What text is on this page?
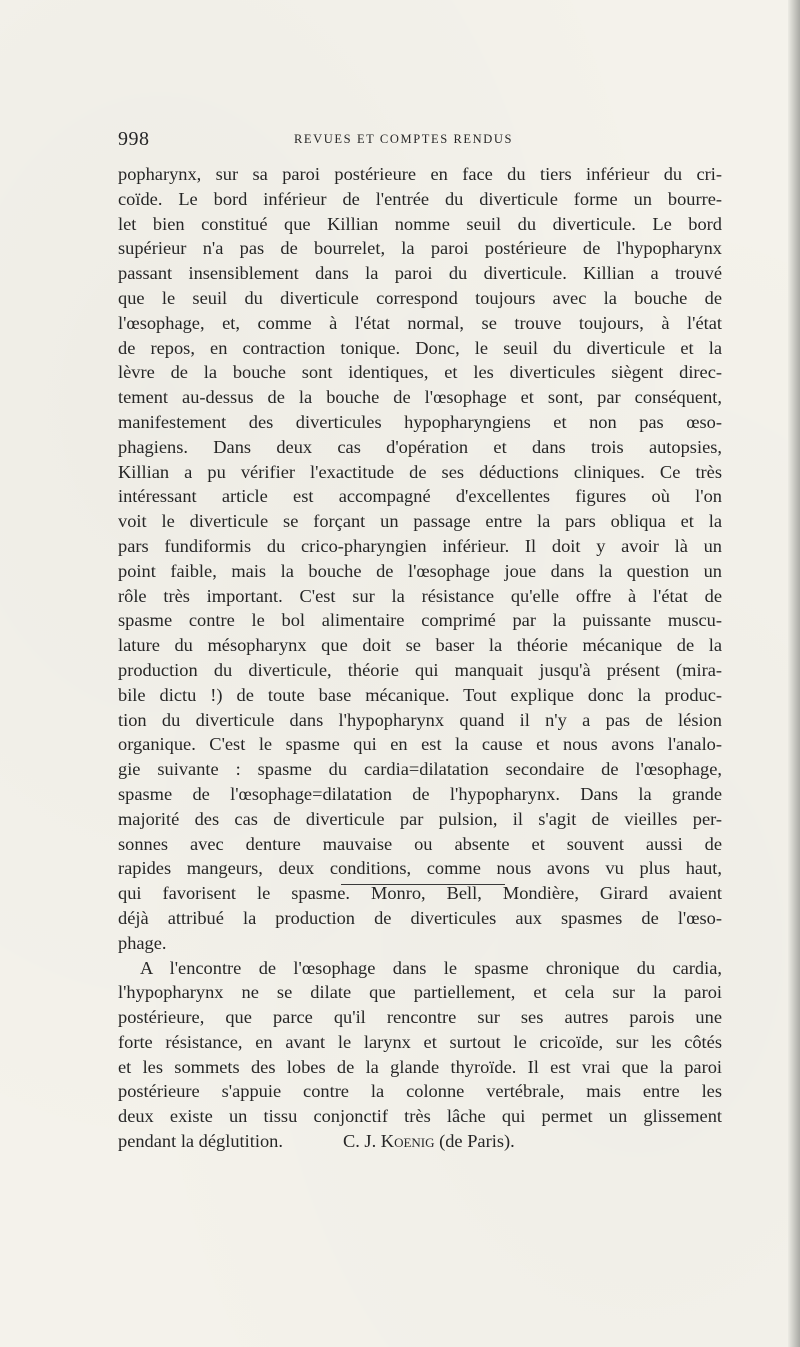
998	REVUES ET COMPTES RENDUS
popharynx, sur sa paroi postérieure en face du tiers inférieur du cri-
coïde. Le bord inférieur de l'entrée du diverticule forme un bourre-
let bien constitué que Killian nomme seuil du diverticule. Le bord
supérieur n'a pas de bourrelet, la paroi postérieure de l'hypopharynx
passant insensiblement dans la paroi du diverticule. Killian a trouvé
que le seuil du diverticule correspond toujours avec la bouche de
l'œsophage, et, comme à l'état normal, se trouve toujours, à l'état
de repos, en contraction tonique. Donc, le seuil du diverticule et la
lèvre de la bouche sont identiques, et les diverticules siègent direc-
tement au-dessus de la bouche de l'œsophage et sont, par conséquent,
manifestement des diverticules hypopharyngiens et non pas œso-
phagiens. Dans deux cas d'opération et dans trois autopsies,
Killian a pu vérifier l'exactitude de ses déductions cliniques. Ce très
intéressant article est accompagné d'excellentes figures où l'on
voit le diverticule se forçant un passage entre la pars obliqua et la
pars fundiformis du crico-pharyngien inférieur. Il doit y avoir là un
point faible, mais la bouche de l'œsophage joue dans la question un
rôle très important. C'est sur la résistance qu'elle offre à l'état de
spasme contre le bol alimentaire comprimé par la puissante muscu-
lature du mésopharynx que doit se baser la théorie mécanique de la
production du diverticule, théorie qui manquait jusqu'à présent (mira-
bile dictu !) de toute base mécanique. Tout explique donc la produc-
tion du diverticule dans l'hypopharynx quand il n'y a pas de lésion
organique. C'est le spasme qui en est la cause et nous avons l'analo-
gie suivante : spasme du cardia=dilatation secondaire de l'œsophage,
spasme de l'œsophage=dilatation de l'hypopharynx. Dans la grande
majorité des cas de diverticule par pulsion, il s'agit de vieilles per-
sonnes avec denture mauvaise ou absente et souvent aussi de
rapides mangeurs, deux conditions, comme nous avons vu plus haut,
qui favorisent le spasme. Monro, Bell, Mondière, Girard avaient
déjà attribué la production de diverticules aux spasmes de l'œso-
phage.
A l'encontre de l'œsophage dans le spasme chronique du cardia,
l'hypopharynx ne se dilate que partiellement, et cela sur la paroi
postérieure, que parce qu'il rencontre sur ses autres parois une
forte résistance, en avant le larynx et surtout le cricoïde, sur les côtés
et les sommets des lobes de la glande thyroïde. Il est vrai que la paroi
postérieure s'appuie contre la colonne vertébrale, mais entre les
deux existe un tissu conjonctif très lâche qui permet un glissement
pendant la déglutition.	C. J. Koenig (de Paris).
